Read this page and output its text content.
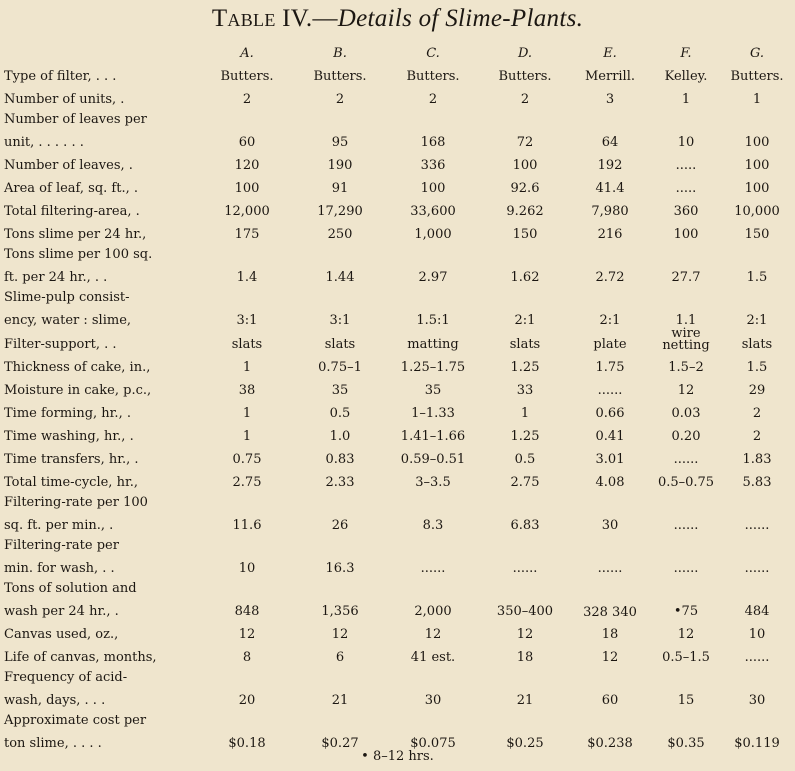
Table IV.—Details of Slime-Plants.
	A.	B.	C.	D.	E.	F.	G.
Type of filter, . . .	Butters.	Butters.	Butters.	Butters.	Merrill.	Kelley.	Butters.
Number of units, .	2	2	2	2	3	1	1
Number of leaves per							
unit, . . . . . .	60	95	168	72	64	10	100
Number of leaves, .	120	190	336	100	192	.....	100
Area of leaf, sq. ft., .	100	91	100	92.6	41.4	.....	100
Total filtering-area, .	12,000	17,290	33,600	9.262	7,980	360	10,000
Tons slime per 24 hr.,	175	250	1,000	150	216	100	150
Tons slime per 100 sq.							
ft. per 24 hr., . .	1.4	1.44	2.97	1.62	2.72	27.7	1.5
Slime-pulp consist-							
ency, water : slime,	3:1	3:1	1.5:1	2:1	2:1	1.1	2:1
Filter-support, . .	slats	slats	matting	slats	plate	wire netting	slats
Thickness of cake, in.,	1	0.75–1	1.25–1.75	1.25	1.75	1.5–2	1.5
Moisture in cake, p.c.,	38	35	35	33	......	12	29
Time forming, hr., .	1	0.5	1–1.33	1	0.66	0.03	2
Time washing, hr., .	1	1.0	1.41–1.66	1.25	0.41	0.20	2
Time transfers, hr., .	0.75	0.83	0.59–0.51	0.5	3.01	......	1.83
Total time-cycle, hr.,	2.75	2.33	3–3.5	2.75	4.08	0.5–0.75	5.83
Filtering-rate per 100							
sq. ft. per min., .	11.6	26	8.3	6.83	30	......	......
Filtering-rate per							
min. for wash, . .	10	16.3	......	......	......	......	......
Tons of solution and							
wash per 24 hr., .	848	1,356	2,000	350–400	328 340	•75	484
Canvas used, oz.,	12	12	12	12	18	12	10
Life of canvas, months,	8	6	41 est.	18	12	0.5–1.5	......
Frequency of acid-							
wash, days, . . .	20	21	30	21	60	15	30
Approximate cost per							
ton slime, . . . .	$0.18	$0.27	$0.075	$0.25	$0.238	$0.35	$0.119
• 8–12 hrs.
